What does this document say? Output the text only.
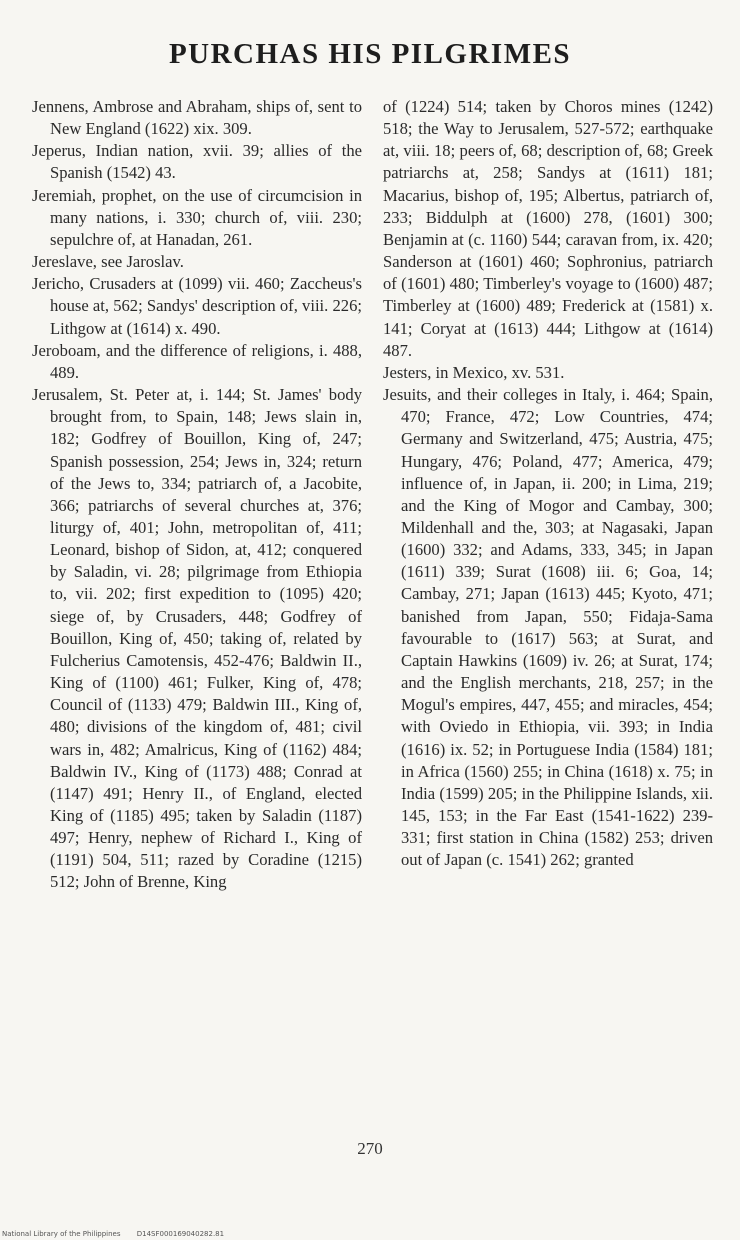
PURCHAS HIS PILGRIMES

Jennens, Ambrose and Abraham, ships of, sent to New England (1622) xix. 309.

Jeperus, Indian nation, xvii. 39; allies of the Spanish (1542) 43.

Jeremiah, prophet, on the use of circumcision in many nations, i. 330; church of, viii. 230; sepulchre of, at Hanadan, 261.

Jereslave, see Jaroslav.

Jericho, Crusaders at (1099) vii. 460; Zaccheus's house at, 562; Sandys' description of, viii. 226; Lithgow at (1614) x. 490.

Jeroboam, and the difference of religions, i. 488, 489.

Jerusalem, St. Peter at, i. 144; St. James' body brought from, to Spain, 148; Jews slain in, 182; Godfrey of Bouillon, King of, 247; Spanish possession, 254; Jews in, 324; return of the Jews to, 334; patriarch of, a Jacobite, 366; patriarchs of several churches at, 376; liturgy of, 401; John, metropolitan of, 411; Leonard, bishop of Sidon, at, 412; conquered by Saladin, vi. 28; pilgrimage from Ethiopia to, vii. 202; first expedition to (1095) 420; siege of, by Crusaders, 448; Godfrey of Bouillon, King of, 450; taking of, related by Fulcherius Camotensis, 452-476; Baldwin II., King of (1100) 461; Fulker, King of, 478; Council of (1133) 479; Baldwin III., King of, 480; divisions of the kingdom of, 481; civil wars in, 482; Amalricus, King of (1162) 484; Baldwin IV., King of (1173) 488; Conrad at (1147) 491; Henry II., of England, elected King of (1185) 495; taken by Saladin (1187) 497; Henry, nephew of Richard I., King of (1191) 504, 511; razed by Coradine (1215) 512; John of Brenne, King

of (1224) 514; taken by Choros mines (1242) 518; the Way to Jerusalem, 527-572; earthquake at, viii. 18; peers of, 68; description of, 68; Greek patriarchs at, 258; Sandys at (1611) 181; Macarius, bishop of, 195; Albertus, patriarch of, 233; Biddulph at (1600) 278, (1601) 300; Benjamin at (c. 1160) 544; caravan from, ix. 420; Sanderson at (1601) 460; Sophronius, patriarch of (1601) 480; Timberley's voyage to (1600) 487; Timberley at (1600) 489; Frederick at (1581) x. 141; Coryat at (1613) 444; Lithgow at (1614) 487.

Jesters, in Mexico, xv. 531.

Jesuits, and their colleges in Italy, i. 464; Spain, 470; France, 472; Low Countries, 474; Germany and Switzerland, 475; Austria, 475; Hungary, 476; Poland, 477; America, 479; influence of, in Japan, ii. 200; in Lima, 219; and the King of Mogor and Cambay, 300; Mildenhall and the, 303; at Nagasaki, Japan (1600) 332; and Adams, 333, 345; in Japan (1611) 339; Surat (1608) iii. 6; Goa, 14; Cambay, 271; Japan (1613) 445; Kyoto, 471; banished from Japan, 550; Fidaja-Sama favourable to (1617) 563; at Surat, and Captain Hawkins (1609) iv. 26; at Surat, 174; and the English merchants, 218, 257; in the Mogul's empires, 447, 455; and miracles, 454; with Oviedo in Ethiopia, vii. 393; in India (1616) ix. 52; in Portuguese India (1584) 181; in Africa (1560) 255; in China (1618) x. 75; in India (1599) 205; in the Philippine Islands, xii. 145, 153; in the Far East (1541-1622) 239-331; first station in China (1582) 253; driven out of Japan (c. 1541) 262; granted

270
National Library of the Philippines D14SF000169040282.81
